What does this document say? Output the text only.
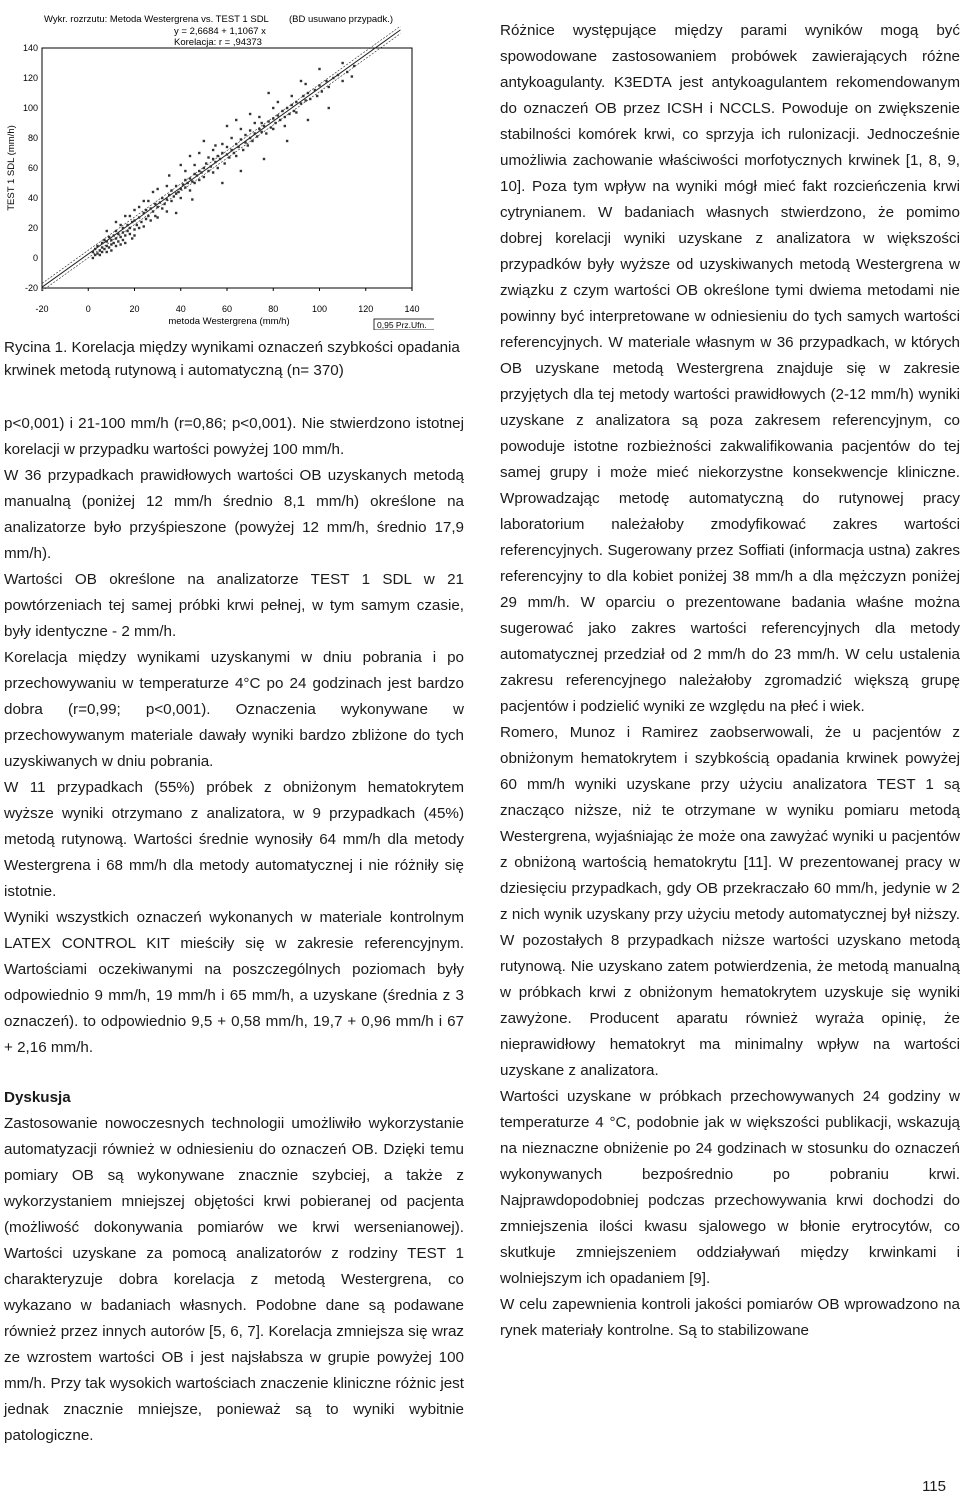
Wykr. rozrzutu: Metoda Westergrena vs. TEST 1 SDL (BD usuwano przypadk.)
y = 2,6684 + 1,1067 x
Korelacja: r = ,94373
metoda Westergrena (mm/h)
TEST 1 SDL (mm/h)
-20	0	20	40	60	80	100	120	140
-20
0
20
40
60
80
100
120
140
0,95 Prz.Ufn.

Rycina 1. Korelacja między wynikami oznaczeń szybkości opadania krwinek metodą rutynową i automatyczną (n= 370)

p<0,001) i 21-100 mm/h (r=0,86; p<0,001). Nie stwierdzono istotnej korelacji w przypadku wartości powyżej 100 mm/h.

W 36 przypadkach prawidłowych wartości OB uzyskanych metodą manualną (poniżej 12 mm/h średnio 8,1 mm/h) określone na analizatorze było przyśpieszone (powyżej 12 mm/h, średnio 17,9 mm/h).

Wartości OB określone na analizatorze TEST 1 SDL w 21 powtórzeniach tej samej próbki krwi pełnej, w tym samym czasie, były identyczne - 2 mm/h.

Korelacja między wynikami uzyskanymi w dniu pobrania i po przechowywaniu w temperaturze 4°C po 24 godzinach jest bardzo dobra (r=0,99; p<0,001). Oznaczenia wykonywane w przechowywanym materiale dawały wyniki bardzo zbliżone do tych uzyskiwanych w dniu pobrania.

W 11 przypadkach (55%) próbek z obniżonym hematokrytem wyższe wyniki otrzymano z analizatora, w 9 przypadkach (45%) metodą rutynową. Wartości średnie wynosiły 64 mm/h dla metody Westergrena i 68 mm/h dla metody automatycznej i nie różniły się istotnie.

Wyniki wszystkich oznaczeń wykonanych w materiale kontrolnym LATEX CONTROL KIT mieściły się w zakresie referencyjnym. Wartościami oczekiwanymi na poszczególnych poziomach były odpowiednio 9 mm/h, 19 mm/h i 65 mm/h, a uzyskane (średnia z 3 oznaczeń). to odpowiednio 9,5 + 0,58 mm/h, 19,7 + 0,96 mm/h i 67 + 2,16 mm/h.

Dyskusja

Zastosowanie nowoczesnych technologii umożliwiło wykorzystanie automatyzacji również w odniesieniu do oznaczeń OB. Dzięki temu pomiary OB są wykonywane znacznie szybciej, a także z wykorzystaniem mniejszej objętości krwi pobieranej od pacjenta (możliwość dokonywania pomiarów we krwi wersenianowej). Wartości uzyskane za pomocą analizatorów z rodziny TEST 1 charakteryzuje dobra korelacja z metodą Westergrena, co wykazano w badaniach własnych. Podobne dane są podawane również przez innych autorów [5, 6, 7]. Korelacja zmniejsza się wraz ze wzrostem wartości OB i jest najsłabsza w grupie powyżej 100 mm/h. Przy tak wysokich wartościach znaczenie kliniczne różnic jest jednak znacznie mniejsze, ponieważ są to wyniki wybitnie patologiczne.

Różnice występujące między parami wyników mogą być spowodowane zastosowaniem probówek zawierających różne antykoagulanty. K3EDTA jest antykoagulantem rekomendowanym do oznaczeń OB przez ICSH i NCCLS. Powoduje on zwiększenie stabilności komórek krwi, co sprzyja ich rulonizacji. Jednocześnie umożliwia zachowanie właściwości morfotycznych krwinek [1, 8, 9, 10]. Poza tym wpływ na wyniki mógł mieć fakt rozcieńczenia krwi cytrynianem. W badaniach własnych stwierdzono, że pomimo dobrej korelacji wyniki uzyskane z analizatora w większości przypadków były wyższe od uzyskiwanych metodą Westergrena w związku z czym wartości OB określone tymi dwiema metodami nie powinny być interpretowane w odniesieniu do tych samych wartości referencyjnych. W materiale własnym w 36 przypadkach, w których OB uzyskane metodą Westergrena znajduje się w zakresie przyjętych dla tej metody wartości prawidłowych (2-12 mm/h) wyniki uzyskane z analizatora są poza zakresem referencyjnym, co powoduje istotne rozbieżności zakwalifikowania pacjentów do tej samej grupy i może mieć niekorzystne konsekwencje kliniczne. Wprowadzając metodę automatyczną do rutynowej pracy laboratorium należałoby zmodyfikować zakres wartości referencyjnych. Sugerowany przez Soffiati (informacja ustna) zakres referencyjny to dla kobiet poniżej 38 mm/h a dla mężczyzn poniżej 29 mm/h. W oparciu o prezentowane badania właśne można sugerować jako zakres wartości referencyjnych dla metody automatycznej przedział od 2 mm/h do 23 mm/h. W celu ustalenia zakresu referencyjnego należałoby zgromadzić większą grupę pacjentów i podzielić wyniki ze względu na płeć i wiek.

Romero, Munoz i Ramirez zaobserwowali, że u pacjentów z obniżonym hematokrytem i szybkością opadania krwinek powyżej 60 mm/h wyniki uzyskane przy użyciu analizatora TEST 1 są znacząco niższe, niż te otrzymane w wyniku pomiaru metodą Westergrena, wyjaśniając że może ona zawyżać wyniki u pacjentów z obniżoną wartością hematokrytu [11]. W prezentowanej pracy w dziesięciu przypadkach, gdy OB przekraczało 60 mm/h, jedynie w 2 z nich wynik uzyskany przy użyciu metody automatycznej był niższy. W pozostałych 8 przypadkach niższe wartości uzyskano metodą rutynową. Nie uzyskano zatem potwierdzenia, że metodą manualną w próbkach krwi z obniżonym hematokrytem uzyskuje się wyniki zawyżone. Producent aparatu również wyraża opinię, że nieprawidłowy hematokryt ma minimalny wpływ na wartości uzyskane z analizatora.

Wartości uzyskane w próbkach przechowywanych 24 godziny w temperaturze 4 °C, podobnie jak w większości publikacji, wskazują na nieznaczne obniżenie po 24 godzinach w stosunku do oznaczeń wykonywanych bezpośrednio po pobraniu krwi. Najprawdopodobniej podczas przechowywania krwi dochodzi do zmniejszenia ilości kwasu sjalowego w błonie erytrocytów, co skutkuje zmniejszeniem oddziaływań między krwinkami i wolniejszym ich opadaniem [9].

W celu zapewnienia kontroli jakości pomiarów OB wprowadzono na rynek materiały kontrolne. Są to stabilizowane

115
